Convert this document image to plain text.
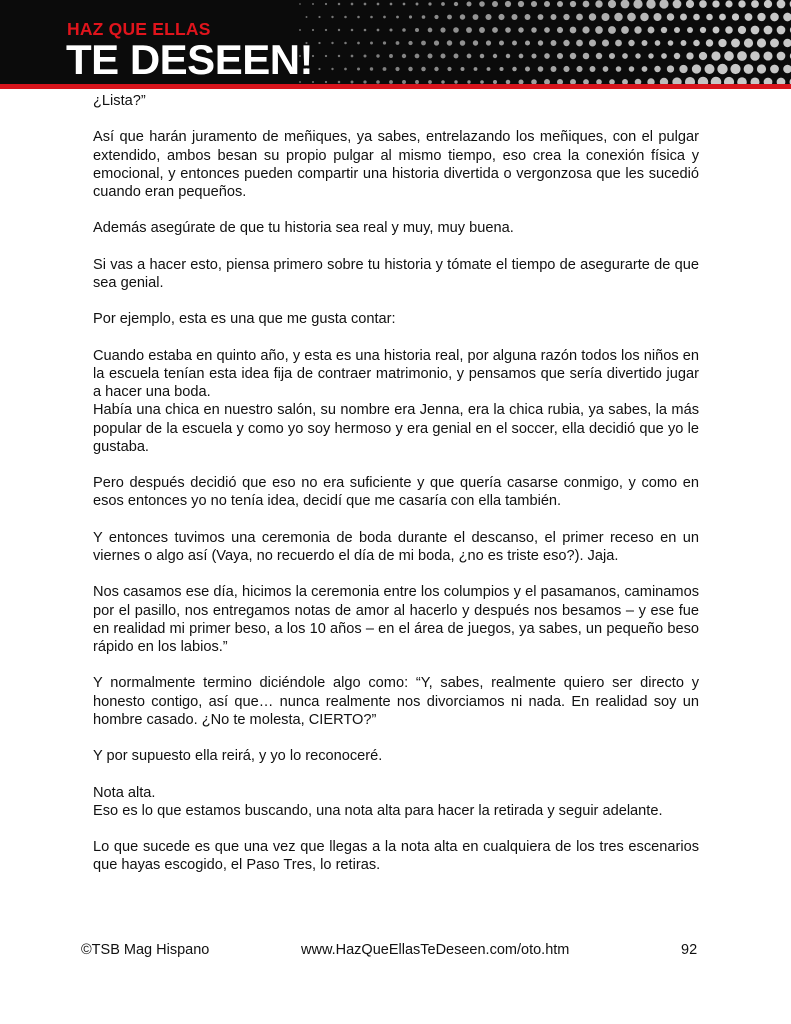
HAZ QUE ELLAS
TE DESEEN!

¿Lista?”

Así que harán juramento de meñiques, ya sabes, entrelazando los meñiques, con el pulgar extendido, ambos besan su propio pulgar al mismo tiempo, eso crea la conexión física y emocional, y entonces pueden compartir una historia divertida o vergonzosa que les sucedió cuando eran pequeños.

Además asegúrate de que tu historia sea real y muy, muy buena.

Si vas a hacer esto, piensa primero sobre tu historia y tómate el tiempo de asegurarte de que sea genial.

Por ejemplo, esta es una que me gusta contar:

Cuando estaba en quinto año, y esta es una historia real, por alguna razón todos los niños en la escuela tenían esta idea fija de contraer matrimonio, y pensamos que sería divertido jugar a hacer una boda.

Había una chica en nuestro salón, su nombre era Jenna, era la chica rubia, ya sabes, la más popular de la escuela y como yo soy hermoso y era genial en el soccer, ella decidió que yo le gustaba.

Pero después decidió que eso no era suficiente y que quería casarse conmigo, y como en esos entonces yo no tenía idea, decidí que me casaría con ella también.

Y entonces tuvimos una ceremonia de boda durante el descanso, el primer receso en un viernes o algo así (Vaya, no recuerdo el día de mi boda, ¿no es triste eso?). Jaja.

Nos casamos ese día, hicimos la ceremonia entre los columpios y el pasamanos, caminamos por el pasillo, nos entregamos notas de amor al hacerlo y después nos besamos – y ese fue en realidad mi primer beso, a los 10 años – en el área de juegos, ya sabes, un pequeño beso rápido en los labios.”

Y normalmente termino diciéndole algo como: “Y, sabes, realmente quiero ser directo y honesto contigo, así que… nunca realmente nos divorciamos ni nada. En realidad soy un hombre casado. ¿No te molesta, CIERTO?”

Y por supuesto ella reirá, y yo lo reconoceré.

Nota alta.

Eso es lo que estamos buscando, una nota alta para hacer la retirada y seguir adelante.

Lo que sucede es que una vez que llegas a la nota alta en cualquiera de los tres escenarios que hayas escogido, el Paso Tres, lo retiras.

©TSB Mag Hispano	www.HazQueEllasTeDeseen.com/oto.htm	92
